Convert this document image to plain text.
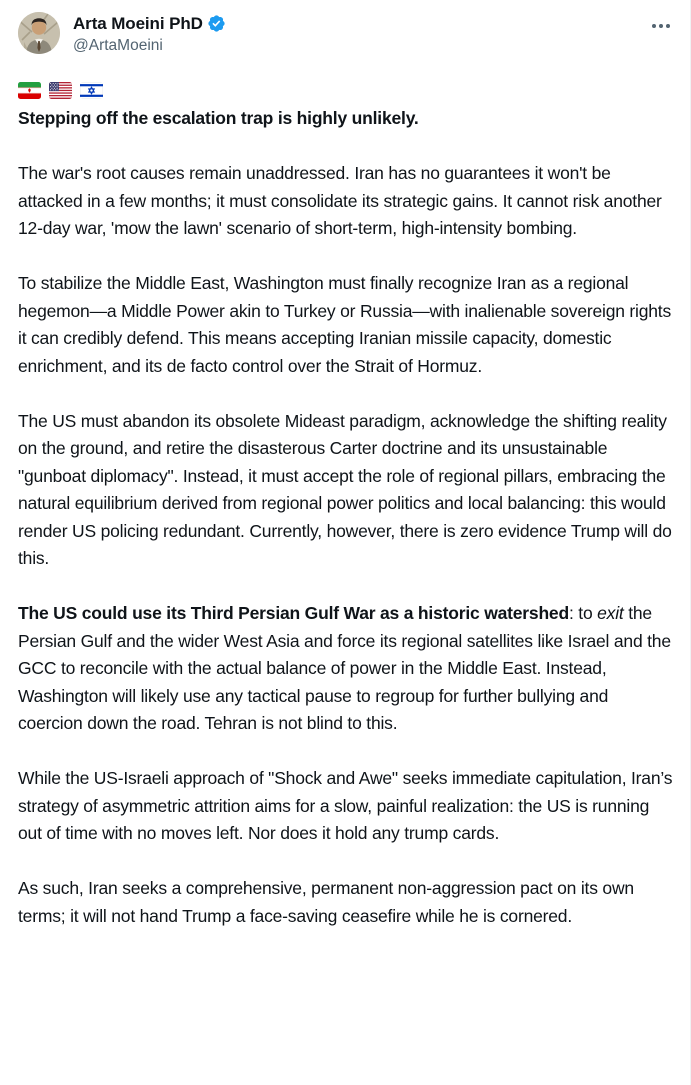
Arta Moeini PhD
@ArtaMoeini
Stepping off the escalation trap is highly unlikely.
The war's root causes remain unaddressed. Iran has no guarantees it won't be attacked in a few months; it must consolidate its strategic gains. It cannot risk another 12-day war, 'mow the lawn' scenario of short-term, high-intensity bombing.
To stabilize the Middle East, Washington must finally recognize Iran as a regional hegemon—a Middle Power akin to Turkey or Russia—with inalienable sovereign rights it can credibly defend. This means accepting Iranian missile capacity, domestic enrichment, and its de facto control over the Strait of Hormuz.
The US must abandon its obsolete Mideast paradigm, acknowledge the shifting reality on the ground, and retire the disasterous Carter doctrine and its unsustainable "gunboat diplomacy". Instead, it must accept the role of regional pillars, embracing the natural equilibrium derived from regional power politics and local balancing: this would render US policing redundant. Currently, however, there is zero evidence Trump will do this.
The US could use its Third Persian Gulf War as a historic watershed: to exit the Persian Gulf and the wider West Asia and force its regional satellites like Israel and the GCC to reconcile with the actual balance of power in the Middle East. Instead, Washington will likely use any tactical pause to regroup for further bullying and coercion down the road. Tehran is not blind to this.
While the US-Israeli approach of "Shock and Awe" seeks immediate capitulation, Iran’s strategy of asymmetric attrition aims for a slow, painful realization: the US is running out of time with no moves left. Nor does it hold any trump cards.
As such, Iran seeks a comprehensive, permanent non-aggression pact on its own terms; it will not hand Trump a face-saving ceasefire while he is cornered.
